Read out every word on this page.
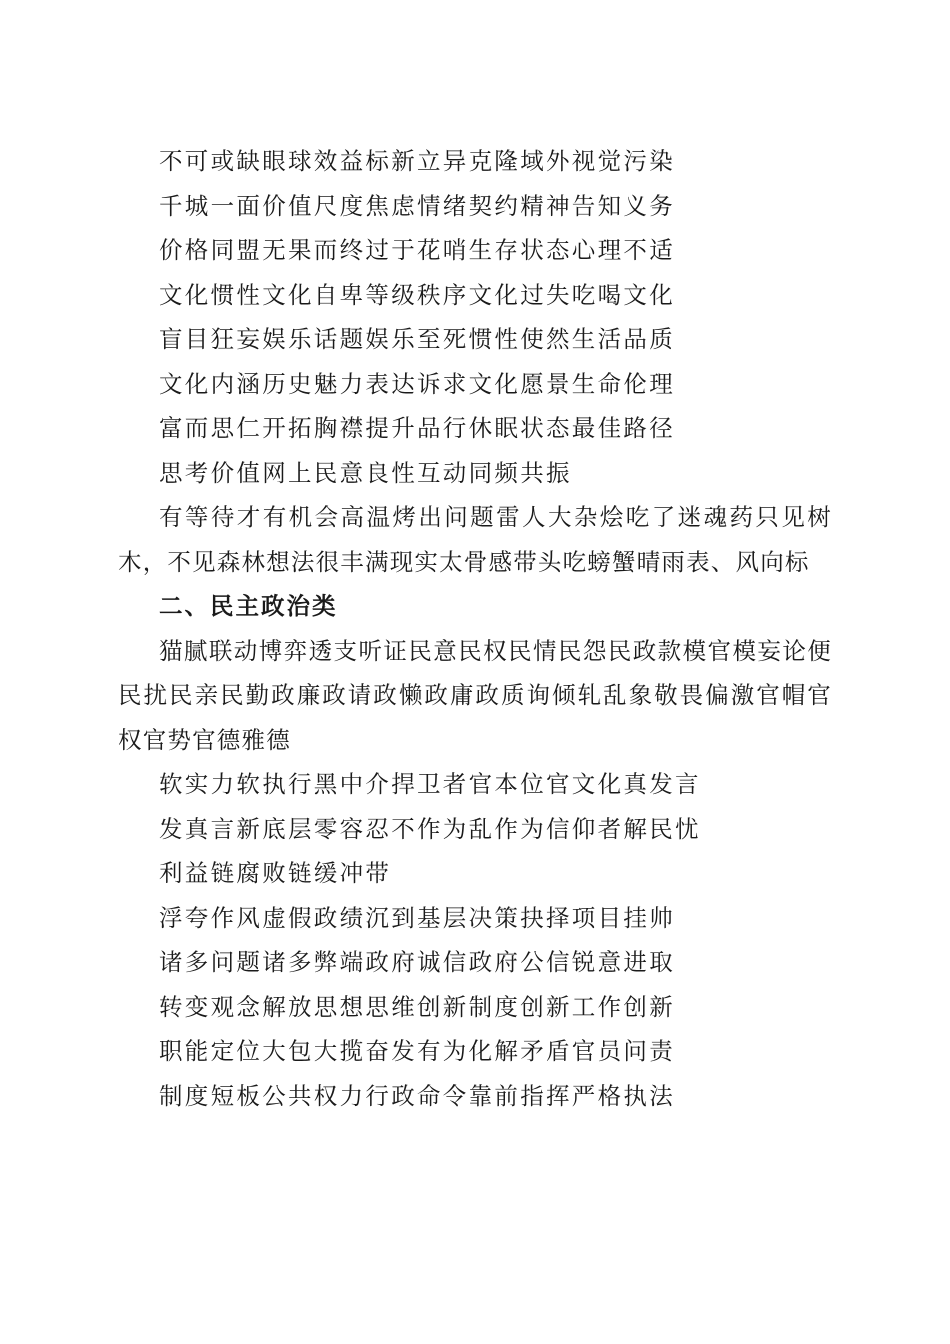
不可或缺眼球效益标新立异克隆域外视觉污染

千城一面价值尺度焦虑情绪契约精神告知义务

价格同盟无果而终过于花哨生存状态心理不适

文化惯性文化自卑等级秩序文化过失吃喝文化

盲目狂妄娱乐话题娱乐至死惯性使然生活品质

文化内涵历史魅力表达诉求文化愿景生命伦理

富而思仁开拓胸襟提升品行休眠状态最佳路径

思考价值网上民意良性互动同频共振

有等待才有机会高温烤出问题雷人大杂烩吃了迷魂药只见树木，不见森林想法很丰满现实太骨感带头吃螃蟹晴雨表、风向标

二、民主政治类

猫腻联动博弈透支听证民意民权民情民怨民政款模官模妄论便民扰民亲民勤政廉政请政懒政庸政质询倾轧乱象敬畏偏激官帽官权官势官德雅德

软实力软执行黑中介捍卫者官本位官文化真发言

发真言新底层零容忍不作为乱作为信仰者解民忧

利益链腐败链缓冲带

浮夸作风虚假政绩沉到基层决策抉择项目挂帅

诸多问题诸多弊端政府诚信政府公信锐意进取

转变观念解放思想思维创新制度创新工作创新

职能定位大包大揽奋发有为化解矛盾官员问责

制度短板公共权力行政命令靠前指挥严格执法
